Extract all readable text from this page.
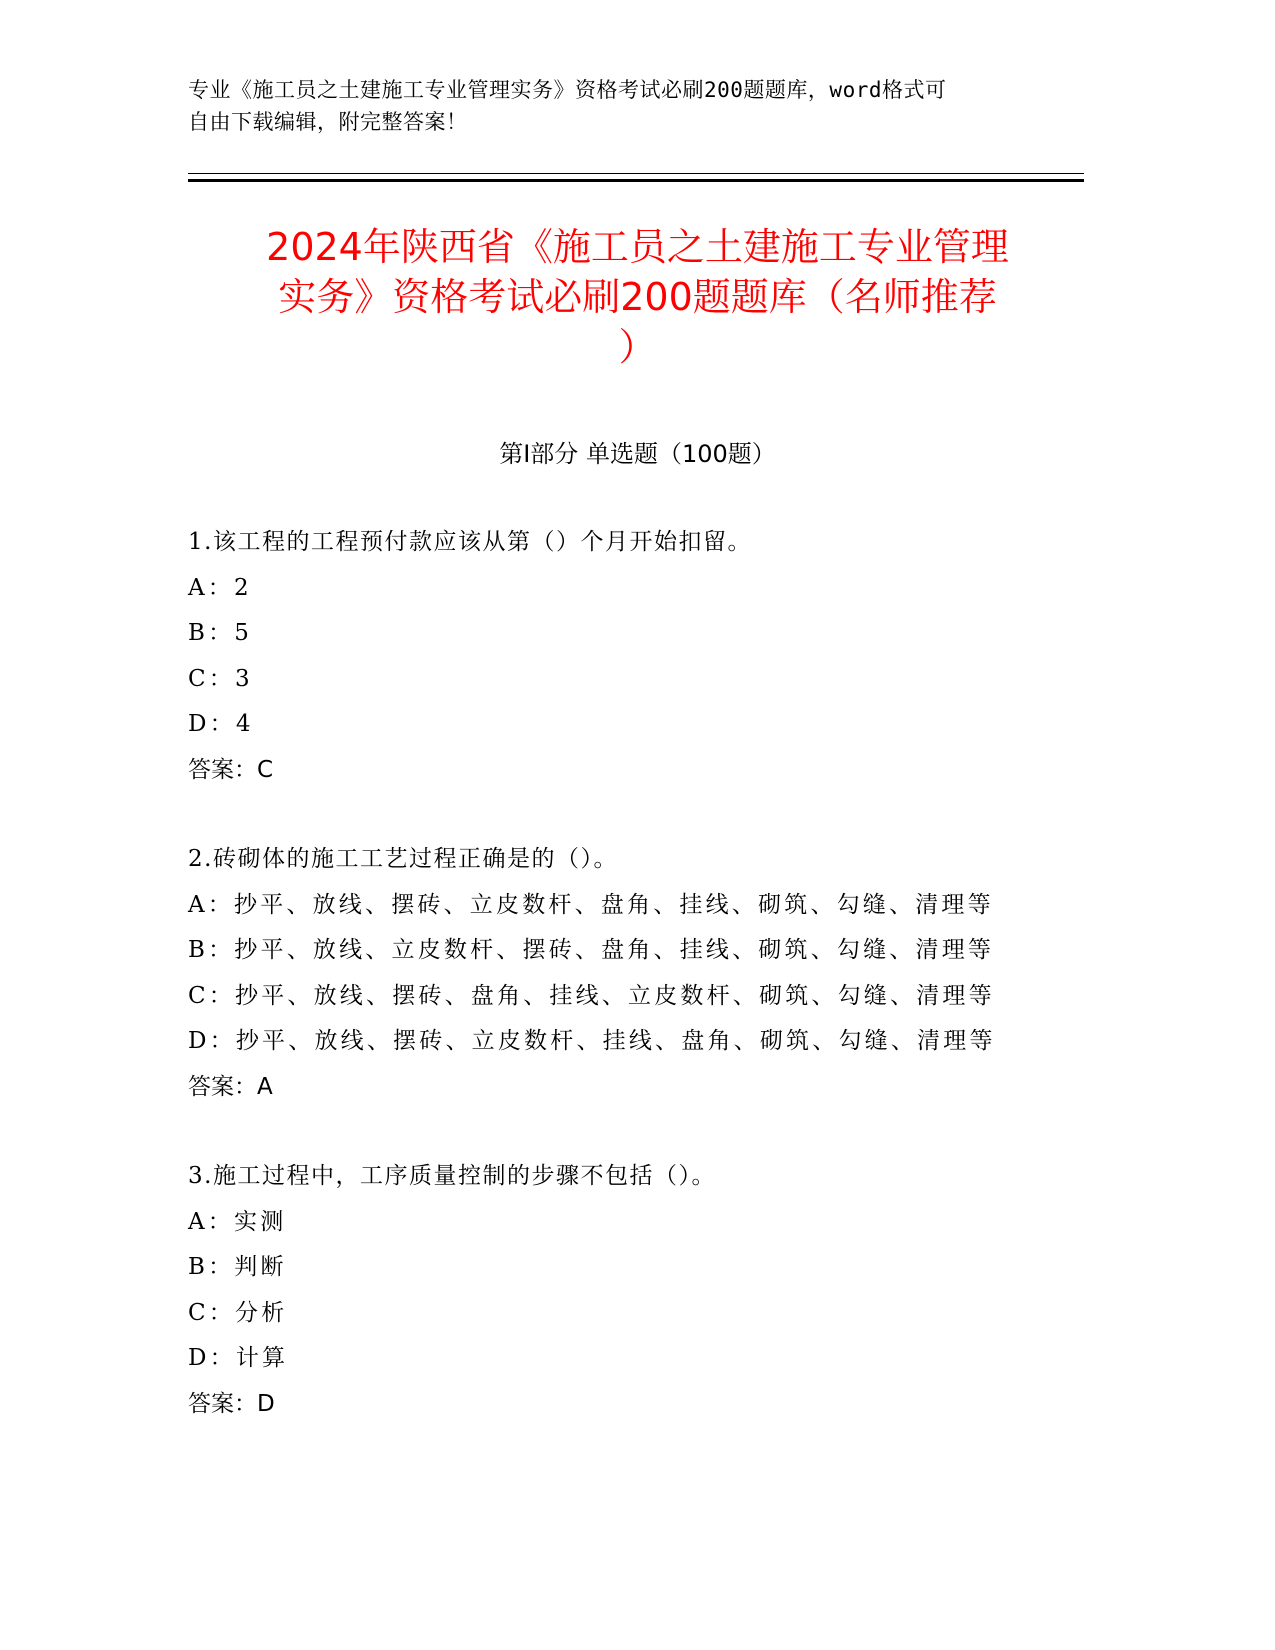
专业《施工员之土建施工专业管理实务》资格考试必刷200题题库，word格式可
自由下载编辑，附完整答案！
2024年陕西省《施工员之土建施工专业管理
实务》资格考试必刷200题题库（名师推荐
）
第I部分 单选题（100题）
1.该工程的工程预付款应该从第（）个月开始扣留。
A：2
B：5
C：3
D：4
答案：C
2.砖砌体的施工工艺过程正确是的（）。
A：抄平、放线、摆砖、立皮数杆、盘角、挂线、砌筑、勾缝、清理等
B：抄平、放线、立皮数杆、摆砖、盘角、挂线、砌筑、勾缝、清理等
C：抄平、放线、摆砖、盘角、挂线、立皮数杆、砌筑、勾缝、清理等
D：抄平、放线、摆砖、立皮数杆、挂线、盘角、砌筑、勾缝、清理等
答案：A
3.施工过程中，工序质量控制的步骤不包括（）。
A：实测
B：判断
C：分析
D：计算
答案：D
